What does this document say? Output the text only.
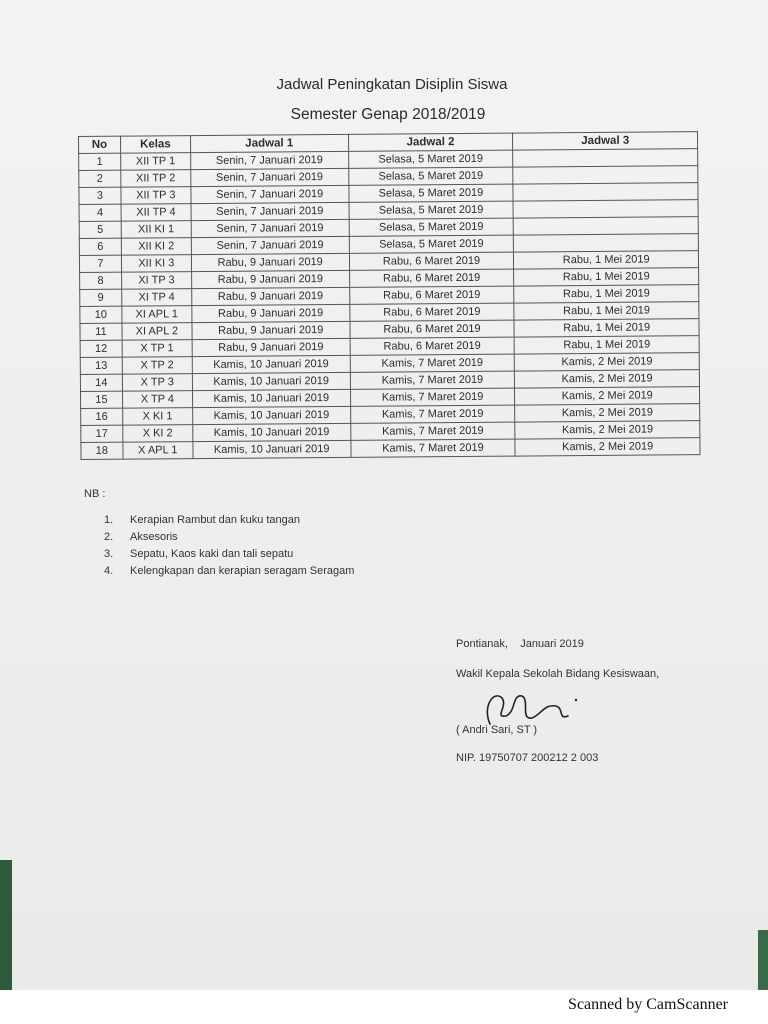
Jadwal Peningkatan Disiplin Siswa
Semester Genap 2018/2019
No	Kelas	Jadwal 1	Jadwal 2	Jadwal 3
1	XII TP 1	Senin, 7 Januari 2019	Selasa, 5 Maret 2019	
2	XII TP 2	Senin, 7 Januari 2019	Selasa, 5 Maret 2019	
3	XII TP 3	Senin, 7 Januari 2019	Selasa, 5 Maret 2019	
4	XII TP 4	Senin, 7 Januari 2019	Selasa, 5 Maret 2019	
5	XII KI 1	Senin, 7 Januari 2019	Selasa, 5 Maret 2019	
6	XII KI 2	Senin, 7 Januari 2019	Selasa, 5 Maret 2019	
7	XII KI 3	Rabu, 9 Januari 2019	Rabu, 6 Maret 2019	Rabu, 1 Mei 2019
8	XI TP 3	Rabu, 9 Januari 2019	Rabu, 6 Maret 2019	Rabu, 1 Mei 2019
9	XI TP 4	Rabu, 9 Januari 2019	Rabu, 6 Maret 2019	Rabu, 1 Mei 2019
10	XI APL 1	Rabu, 9 Januari 2019	Rabu, 6 Maret 2019	Rabu, 1 Mei 2019
11	XI APL 2	Rabu, 9 Januari 2019	Rabu, 6 Maret 2019	Rabu, 1 Mei 2019
12	X TP 1	Rabu, 9 Januari 2019	Rabu, 6 Maret 2019	Rabu, 1 Mei 2019
13	X TP 2	Kamis, 10 Januari 2019	Kamis, 7 Maret 2019	Kamis, 2 Mei 2019
14	X TP 3	Kamis, 10 Januari 2019	Kamis, 7 Maret 2019	Kamis, 2 Mei 2019
15	X TP 4	Kamis, 10 Januari 2019	Kamis, 7 Maret 2019	Kamis, 2 Mei 2019
16	X KI 1	Kamis, 10 Januari 2019	Kamis, 7 Maret 2019	Kamis, 2 Mei 2019
17	X KI 2	Kamis, 10 Januari 2019	Kamis, 7 Maret 2019	Kamis, 2 Mei 2019
18	X APL 1	Kamis, 10 Januari 2019	Kamis, 7 Maret 2019	Kamis, 2 Mei 2019
NB :
1. Kerapian Rambut dan kuku tangan
2. Aksesoris
3. Sepatu, Kaos kaki dan tali sepatu
4. Kelengkapan dan kerapian seragam Seragam
Pontianak,    Januari 2019
Wakil Kepala Sekolah Bidang Kesiswaan,
( Andri Sari, ST )
NIP. 19750707 200212 2 003
Scanned by CamScanner
